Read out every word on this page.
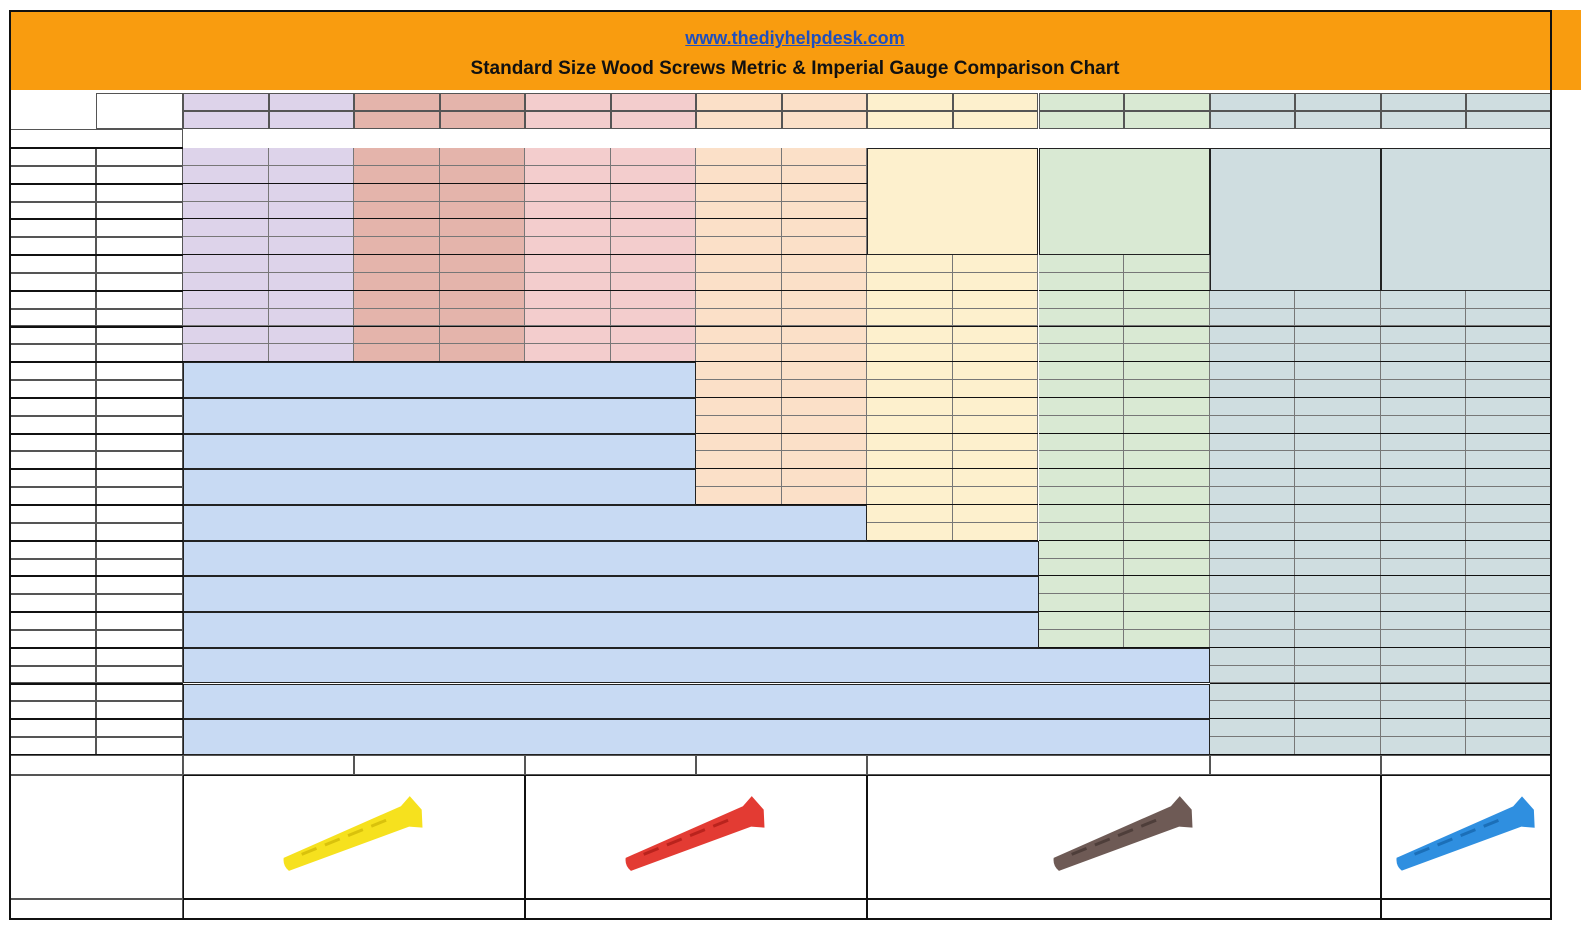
www.thediyhelpdesk.com
Standard Size Wood Screws Metric & Imperial Gauge Comparison Chart
